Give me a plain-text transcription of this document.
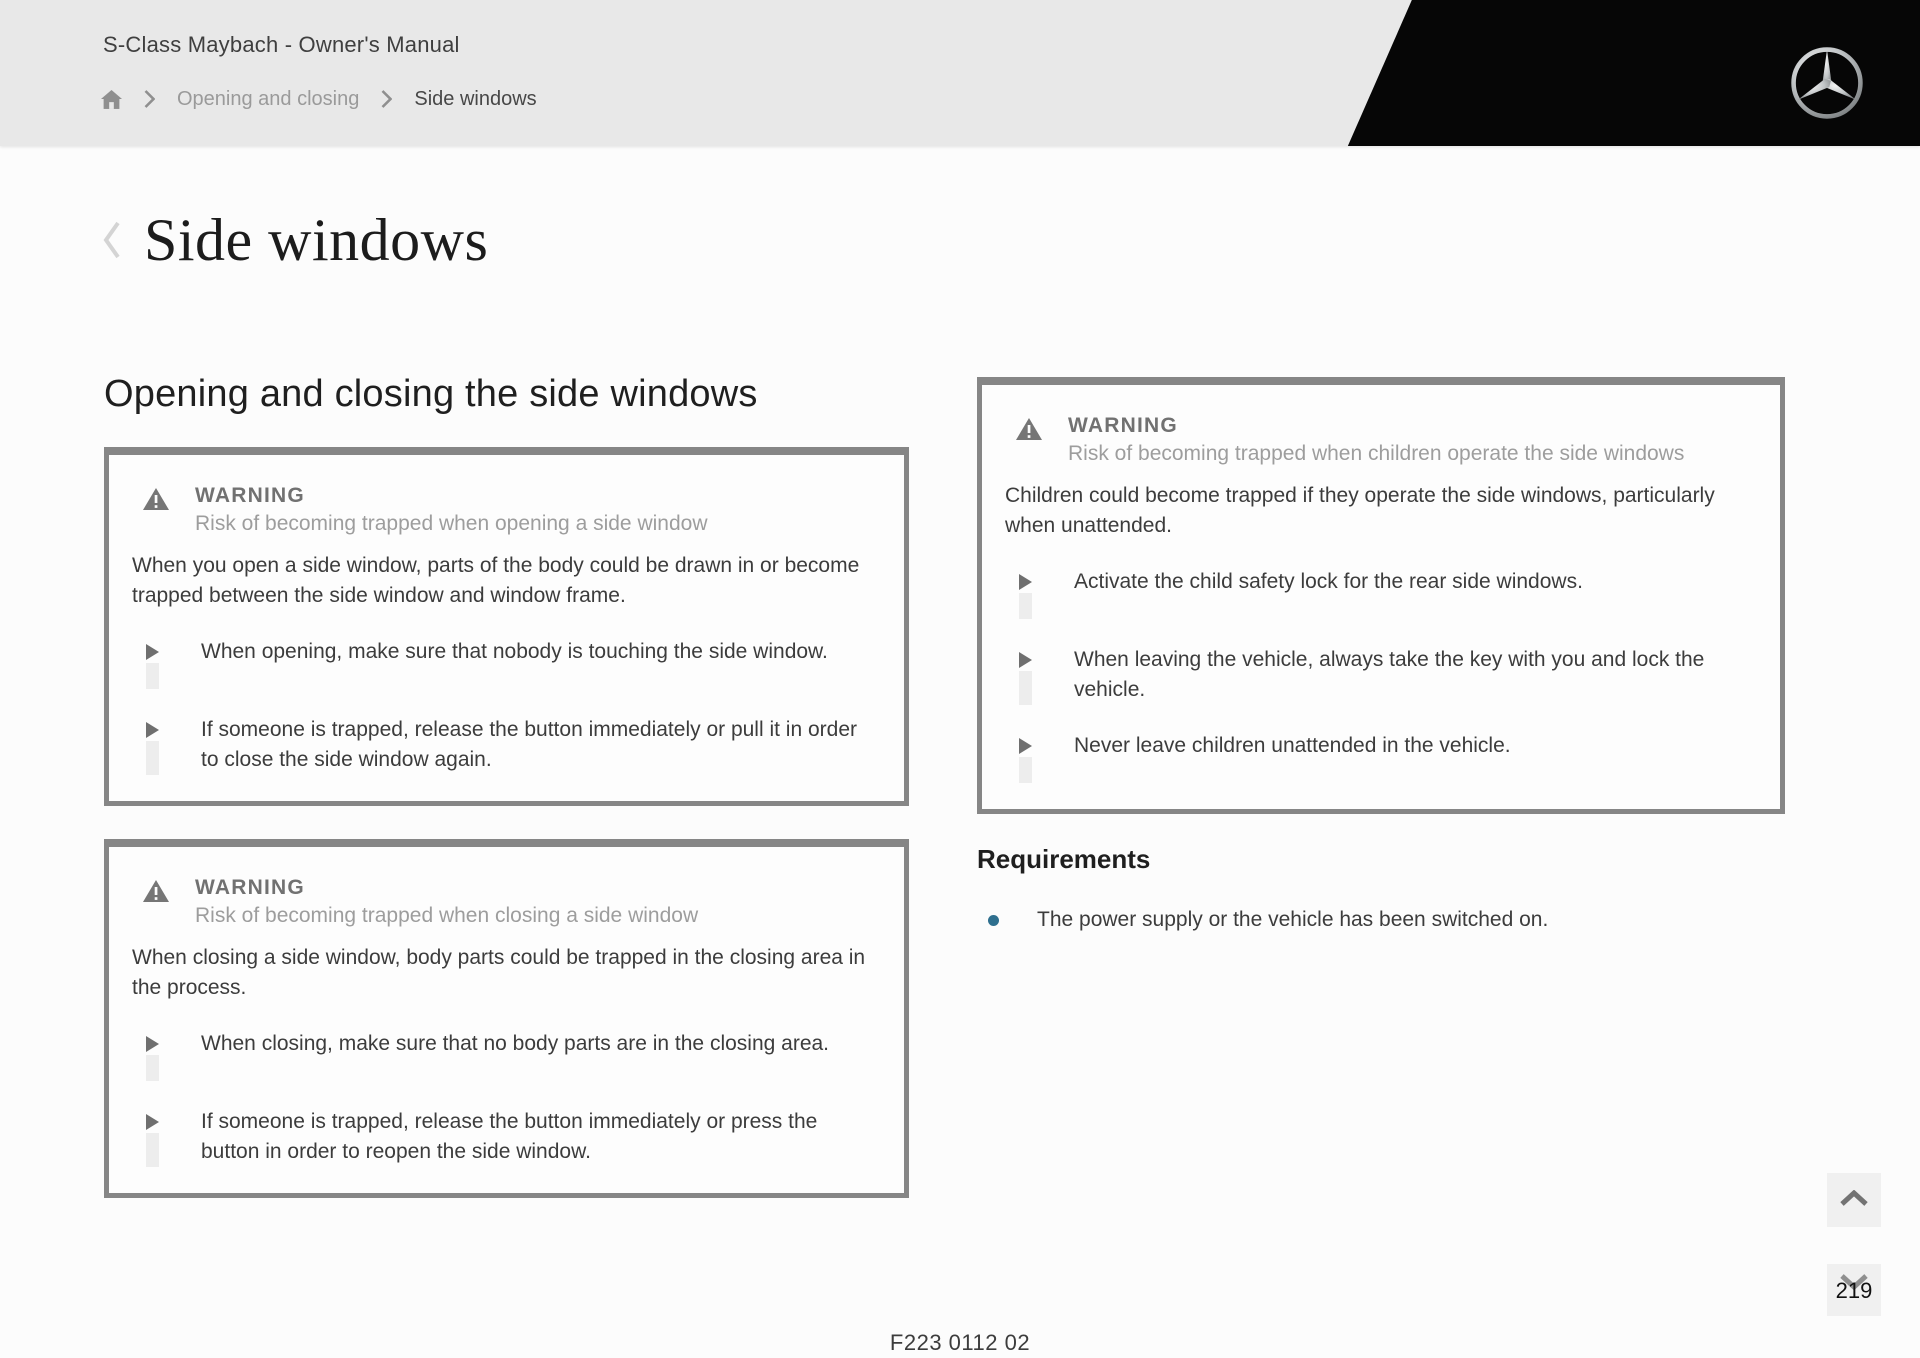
S-Class Maybach - Owner's Manual
Opening and closing	Side windows
Side windows
Opening and closing the side windows
WARNING
Risk of becoming trapped when opening a side window

When you open a side window, parts of the body could be drawn in or become trapped between the side window and window frame.

When opening, make sure that nobody is touching the side window.

If someone is trapped, release the button immediately or pull it in order to close the side window again.

WARNING
Risk of becoming trapped when closing a side window

When closing a side window, body parts could be trapped in the closing area in the process.

When closing, make sure that no body parts are in the closing area.

If someone is trapped, release the button immediately or press the button in order to reopen the side window.

WARNING
Risk of becoming trapped when children operate the side windows

Children could become trapped if they operate the side windows, particularly when unattended.

Activate the child safety lock for the rear side windows.

When leaving the vehicle, always take the key with you and lock the vehicle.

Never leave children unattended in the vehicle.

Requirements

The power supply or the vehicle has been switched on.

F223 0112 02
219
